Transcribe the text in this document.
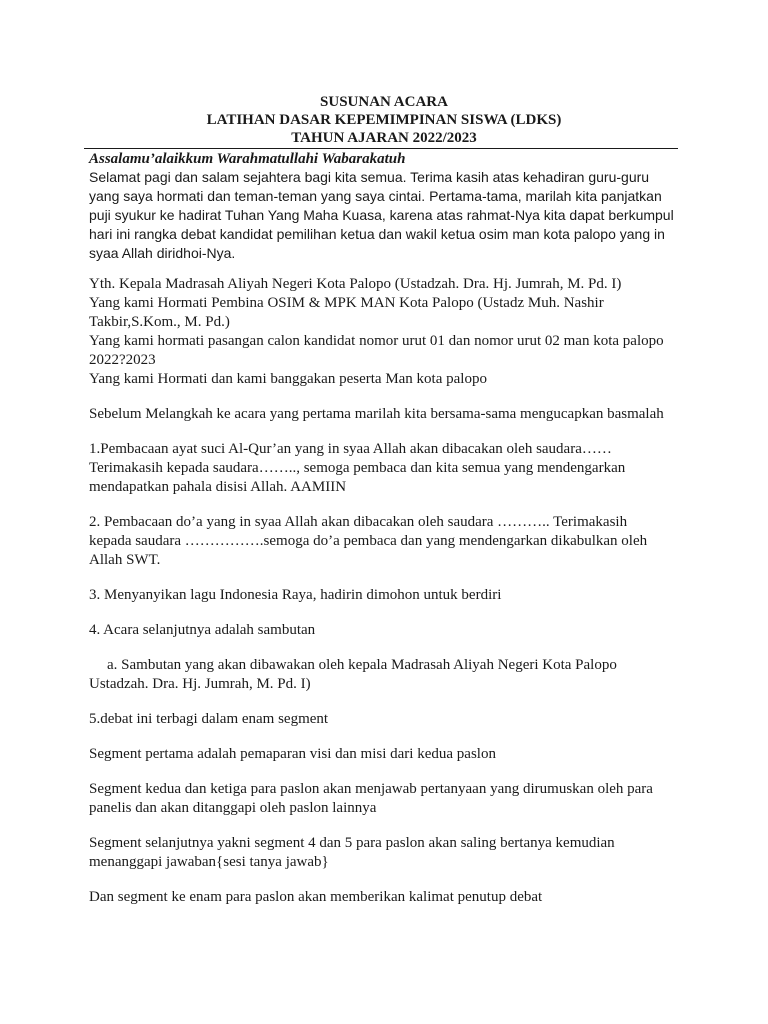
SUSUNAN ACARA
LATIHAN DASAR KEPEMIMPINAN SISWA (LDKS)
TAHUN AJARAN 2022/2023

Assalamu’alaikkum Warahmatullahi Wabarakatuh

Selamat pagi dan salam sejahtera bagi kita semua. Terima kasih atas kehadiran guru-guru
yang saya hormati dan teman-teman yang saya cintai. Pertama-tama, marilah kita panjatkan
puji syukur ke hadirat Tuhan Yang Maha Kuasa, karena atas rahmat-Nya kita dapat berkumpul
hari ini rangka debat kandidat pemilihan ketua dan wakil ketua osim man kota palopo yang in
syaa Allah diridhoi-Nya.
Yth. Kepala Madrasah Aliyah Negeri Kota Palopo (Ustadzah. Dra. Hj. Jumrah, M. Pd. I)
Yang kami Hormati Pembina OSIM & MPK MAN Kota Palopo (Ustadz Muh. Nashir
Takbir,S.Kom., M. Pd.)
Yang kami hormati pasangan calon kandidat nomor urut 01 dan nomor urut 02 man kota palopo
2022?2023
Yang kami Hormati dan kami banggakan peserta Man kota palopo
Sebelum Melangkah ke acara yang pertama marilah kita bersama-sama mengucapkan basmalah
1.Pembacaan ayat suci Al-Qur’an yang in syaa Allah akan dibacakan oleh saudara……
Terimakasih kepada saudara…….., semoga pembaca dan kita semua yang mendengarkan
mendapatkan pahala disisi Allah. AAMIIN
2. Pembacaan do’a yang in syaa Allah akan dibacakan oleh saudara ……….. Terimakasih
kepada saudara …………….semoga do’a pembaca dan yang mendengarkan dikabulkan oleh
Allah SWT.
3. Menyanyikan lagu Indonesia Raya, hadirin dimohon untuk berdiri
4. Acara selanjutnya adalah sambutan
a. Sambutan yang akan dibawakan oleh kepala Madrasah Aliyah Negeri Kota Palopo
Ustadzah. Dra. Hj. Jumrah, M. Pd. I)
5.debat ini terbagi dalam enam segment
Segment pertama adalah pemaparan visi dan misi dari kedua paslon
Segment kedua dan ketiga para paslon akan menjawab pertanyaan yang dirumuskan oleh para
panelis dan akan ditanggapi oleh paslon lainnya
Segment selanjutnya yakni segment 4 dan 5 para paslon akan saling bertanya kemudian
menanggapi jawaban{sesi tanya jawab}
Dan segment ke enam para paslon akan memberikan kalimat penutup debat
